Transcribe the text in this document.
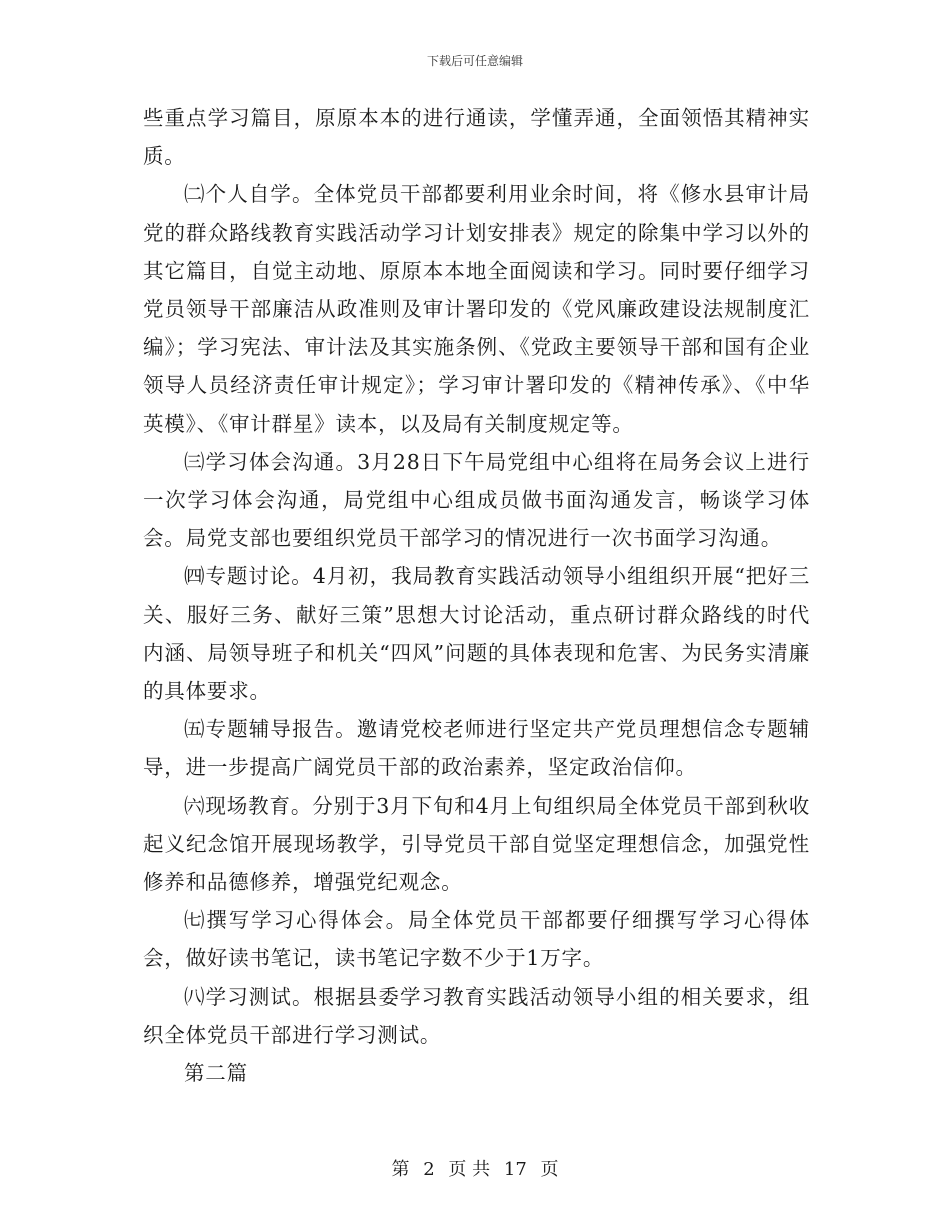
下载后可任意编辑

些重点学习篇目，原原本本的进行通读，学懂弄通，全面领悟其精神实质。

㈡个人自学。全体党员干部都要利用业余时间，将《修水县审计局党的群众路线教育实践活动学习计划安排表》规定的除集中学习以外的其它篇目，自觉主动地、原原本本地全面阅读和学习。同时要仔细学习党员领导干部廉洁从政准则及审计署印发的《党风廉政建设法规制度汇编》；学习宪法、审计法及其实施条例、《党政主要领导干部和国有企业领导人员经济责任审计规定》；学习审计署印发的《精神传承》、《中华英模》、《审计群星》读本，以及局有关制度规定等。

㈢学习体会沟通。3月28日下午局党组中心组将在局务会议上进行一次学习体会沟通，局党组中心组成员做书面沟通发言，畅谈学习体会。局党支部也要组织党员干部学习的情况进行一次书面学习沟通。

㈣专题讨论。4月初，我局教育实践活动领导小组组织开展“把好三关、服好三务、献好三策”思想大讨论活动，重点研讨群众路线的时代内涵、局领导班子和机关“四风”问题的具体表现和危害、为民务实清廉的具体要求。

㈤专题辅导报告。邀请党校老师进行坚定共产党员理想信念专题辅导，进一步提高广阔党员干部的政治素养，坚定政治信仰。

㈥现场教育。分别于3月下旬和4月上旬组织局全体党员干部到秋收起义纪念馆开展现场教学，引导党员干部自觉坚定理想信念，加强党性修养和品德修养，增强党纪观念。

㈦撰写学习心得体会。局全体党员干部都要仔细撰写学习心得体会，做好读书笔记，读书笔记字数不少于1万字。

㈧学习测试。根据县委学习教育实践活动领导小组的相关要求，组织全体党员干部进行学习测试。

第二篇

第 2 页 共 17 页
